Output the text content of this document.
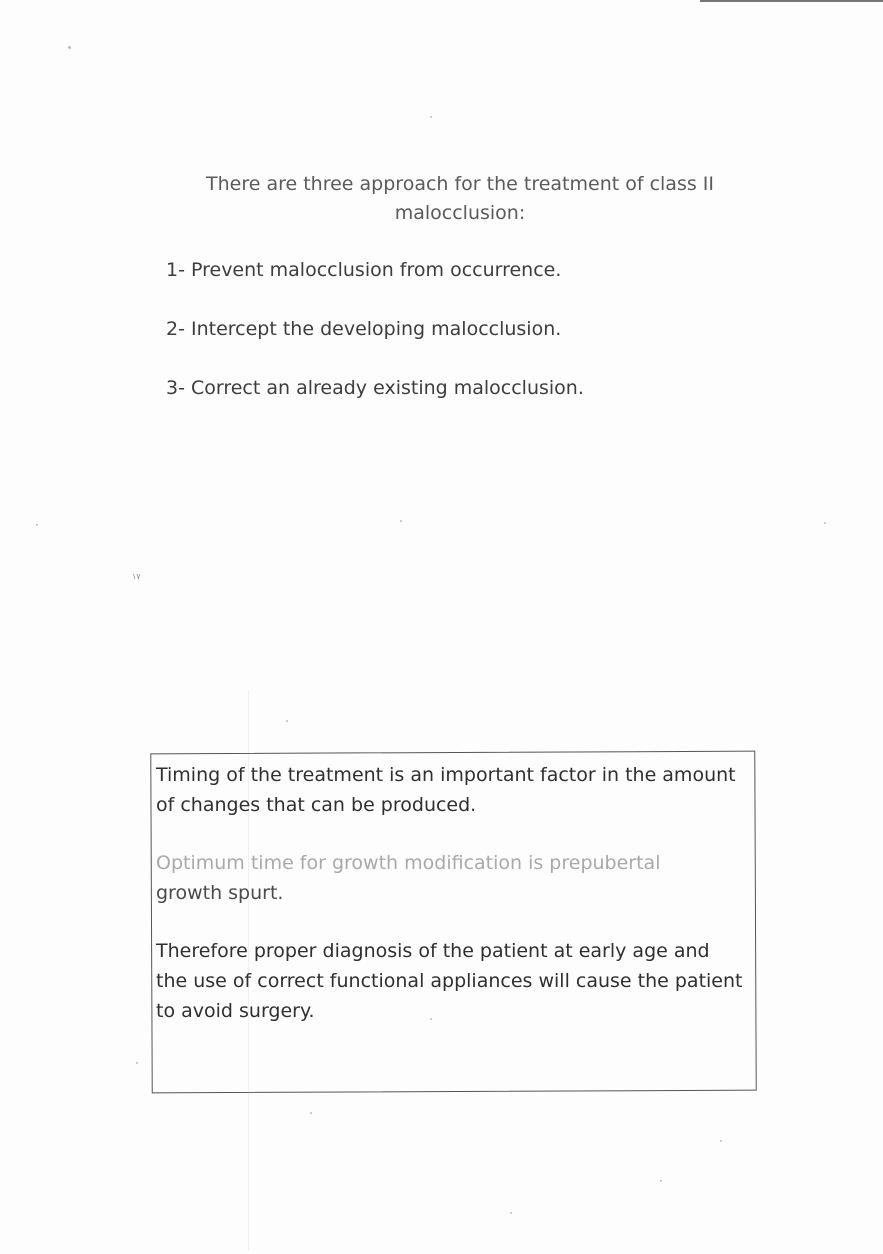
There are three approach for the treatment of class II
malocclusion:
1- Prevent malocclusion from occurrence.
2- Intercept the developing malocclusion.
3- Correct an already existing malocclusion.
١٧
Timing of the treatment is an important factor in the amount of changes that can be produced.
Optimum time for growth modification is prepubertal
growth spurt.
Therefore proper diagnosis of the patient at early age and the use of correct functional appliances will cause the patient to avoid surgery.
